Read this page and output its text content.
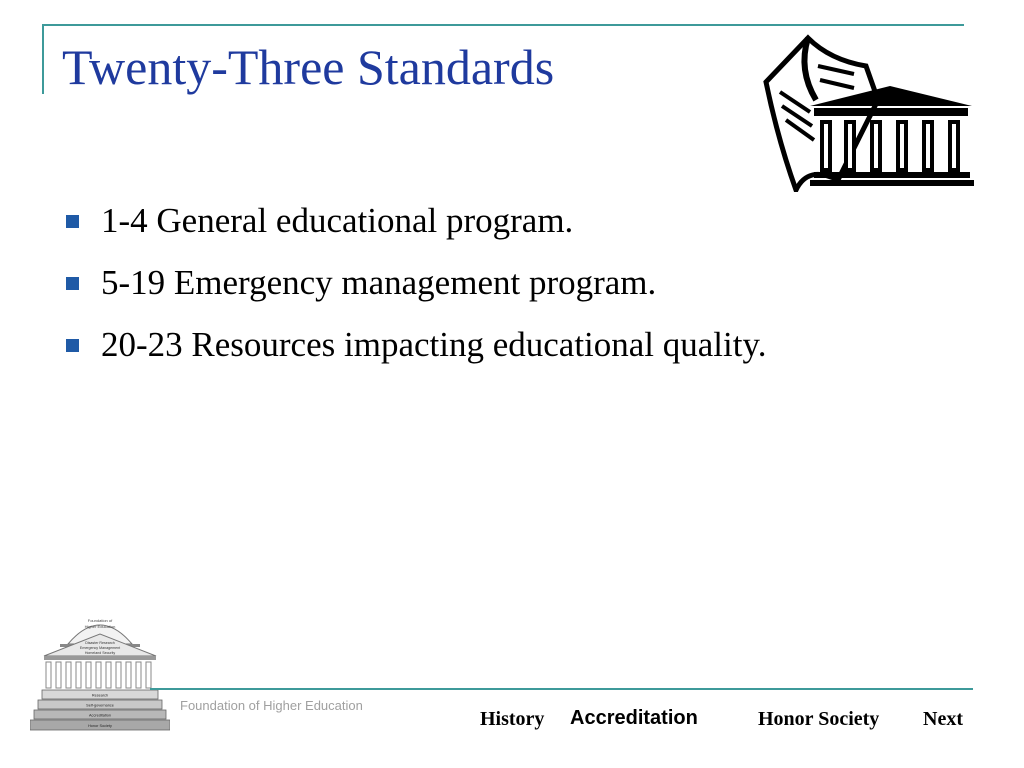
Twenty-Three Standards
1-4 General educational program.
5-19 Emergency management program.
20-23 Resources impacting educational quality.
Foundation of
Higher Education
Disaster Research
Emergency Management
Homeland Security
Research
Self-governance
Accreditation
Honor Society
Foundation of Higher Education
History Accreditation	Honor Society Next
